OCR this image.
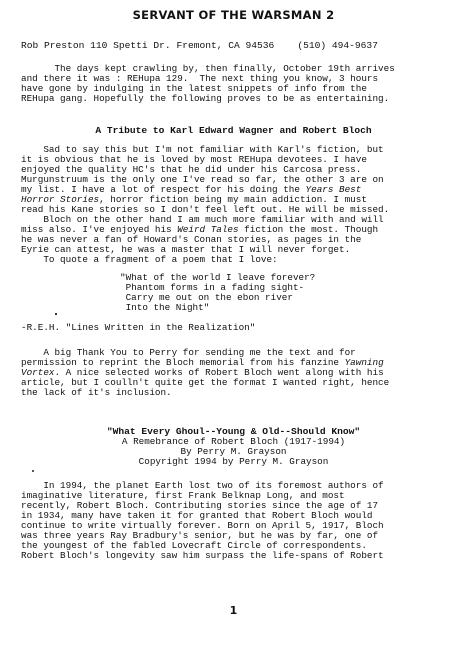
SERVANT OF THE WARSMAN 2
Rob Preston 110 Spetti Dr. Fremont, CA 94536    (510) 494-9637
The days kept crawling by, then finally, October 19th arrives
and there it was : REHupa 129.  The next thing you know, 3 hours
have gone by indulging in the latest snippets of info from the
REHupa gang. Hopefully the following proves to be as entertaining.
A Tribute to Karl Edward Wagner and Robert Bloch
Sad to say this but I'm not familiar with Karl's fiction, but
it is obvious that he is loved by most REHupa devotees. I have
enjoyed the quality HC's that he did under his Carcosa press.
Murgunstruum is the only one I've read so far, the other 3 are on
my list. I have a lot of respect for his doing the Years Best
Horror Stories, horror fiction being my main addiction. I must
read his Kane stories so I don't feel left out. He will be missed.
Bloch on the other hand I am much more familiar with and will
miss also. I've enjoyed his Weird Tales fiction the most. Though
he was never a fan of Howard's Conan stories, as pages in the
Eyrie can attest, he was a master that I will never forget.
To quote a fragment of a poem that I love:
"What of the world I leave forever?
Phantom forms in a fading sight-
Carry me out on the ebon river
Into the Night"
-R.E.H. "Lines Written in the Realization"
A big Thank You to Perry for sending me the text and for
permission to reprint the Bloch memorial from his fanzine Yawning
Vortex. A nice selected works of Robert Bloch went along with his
article, but I coulln't quite get the format I wanted right, hence
the lack of it's inclusion.
"What Every Ghoul--Young & Old--Should Know"
A Remebrance of Robert Bloch (1917-1994)
By Perry M. Grayson
Copyright 1994 by Perry M. Grayson
In 1994, the planet Earth lost two of its foremost authors of
imaginative literature, first Frank Belknap Long, and most
recently, Robert Bloch. Contributing stories since the age of 17
in 1934, many have taken it for granted that Robert Bloch would
continue to write virtually forever. Born on April 5, 1917, Bloch
was three years Ray Bradbury's senior, but he was by far, one of
the youngest of the fabled Lovecraft Circle of correspondents.
Robert Bloch's longevity saw him surpass the life-spans of Robert
1
